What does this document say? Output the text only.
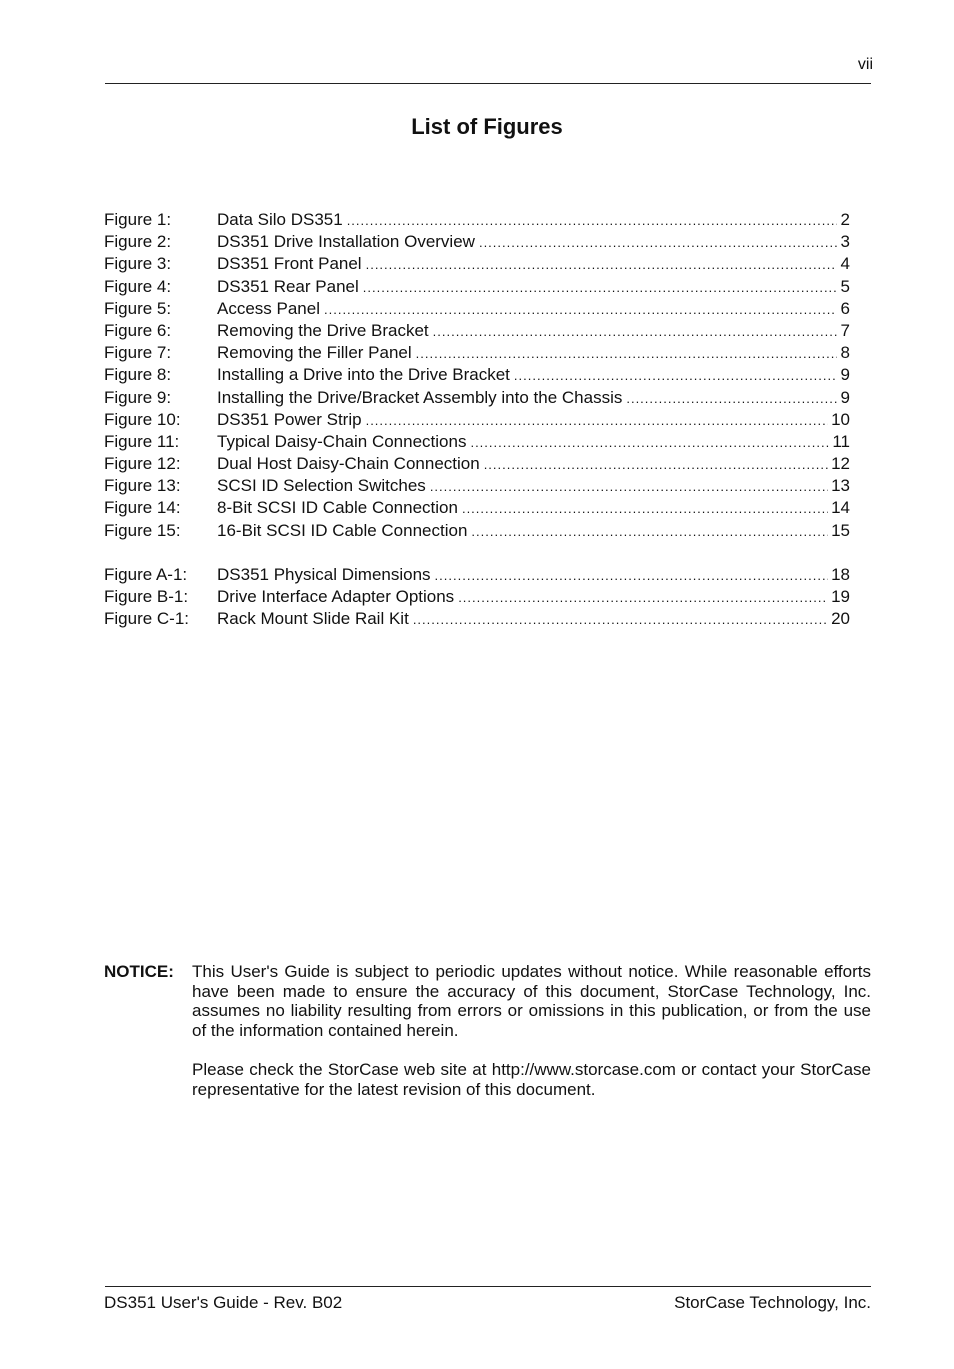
vii
List of Figures
Figure 1:	Data Silo DS351 .....	2
Figure 2:	DS351 Drive Installation Overview .....	3
Figure 3:	DS351 Front Panel .....	4
Figure 4:	DS351 Rear Panel .....	5
Figure 5:	Access Panel .....	6
Figure 6:	Removing the Drive Bracket .....	7
Figure 7:	Removing the Filler Panel .....	8
Figure 8:	Installing a Drive into the Drive Bracket .....	9
Figure 9:	Installing the Drive/Bracket Assembly into the Chassis .....	9
Figure 10:	DS351 Power Strip .....	10
Figure 11:	Typical Daisy-Chain Connections .....	11
Figure 12:	Dual Host Daisy-Chain Connection .....	12
Figure 13:	SCSI ID Selection Switches .....	13
Figure 14:	8-Bit SCSI ID Cable Connection .....	14
Figure 15:	16-Bit SCSI ID Cable Connection .....	15
Figure A-1:	DS351 Physical Dimensions .....	18
Figure B-1:	Drive Interface Adapter Options .....	19
Figure C-1:	Rack Mount Slide Rail Kit .....	20
NOTICE: This User's Guide is subject to periodic updates without notice. While reasonable efforts have been made to ensure the accuracy of this document, StorCase Technology, Inc. assumes no liability resulting from errors or omissions in this publication, or from the use of the information contained herein.

Please check the StorCase web site at http://www.storcase.com or contact your StorCase representative for the latest revision of this document.

DS351 User's Guide - Rev. B02	StorCase Technology, Inc.
